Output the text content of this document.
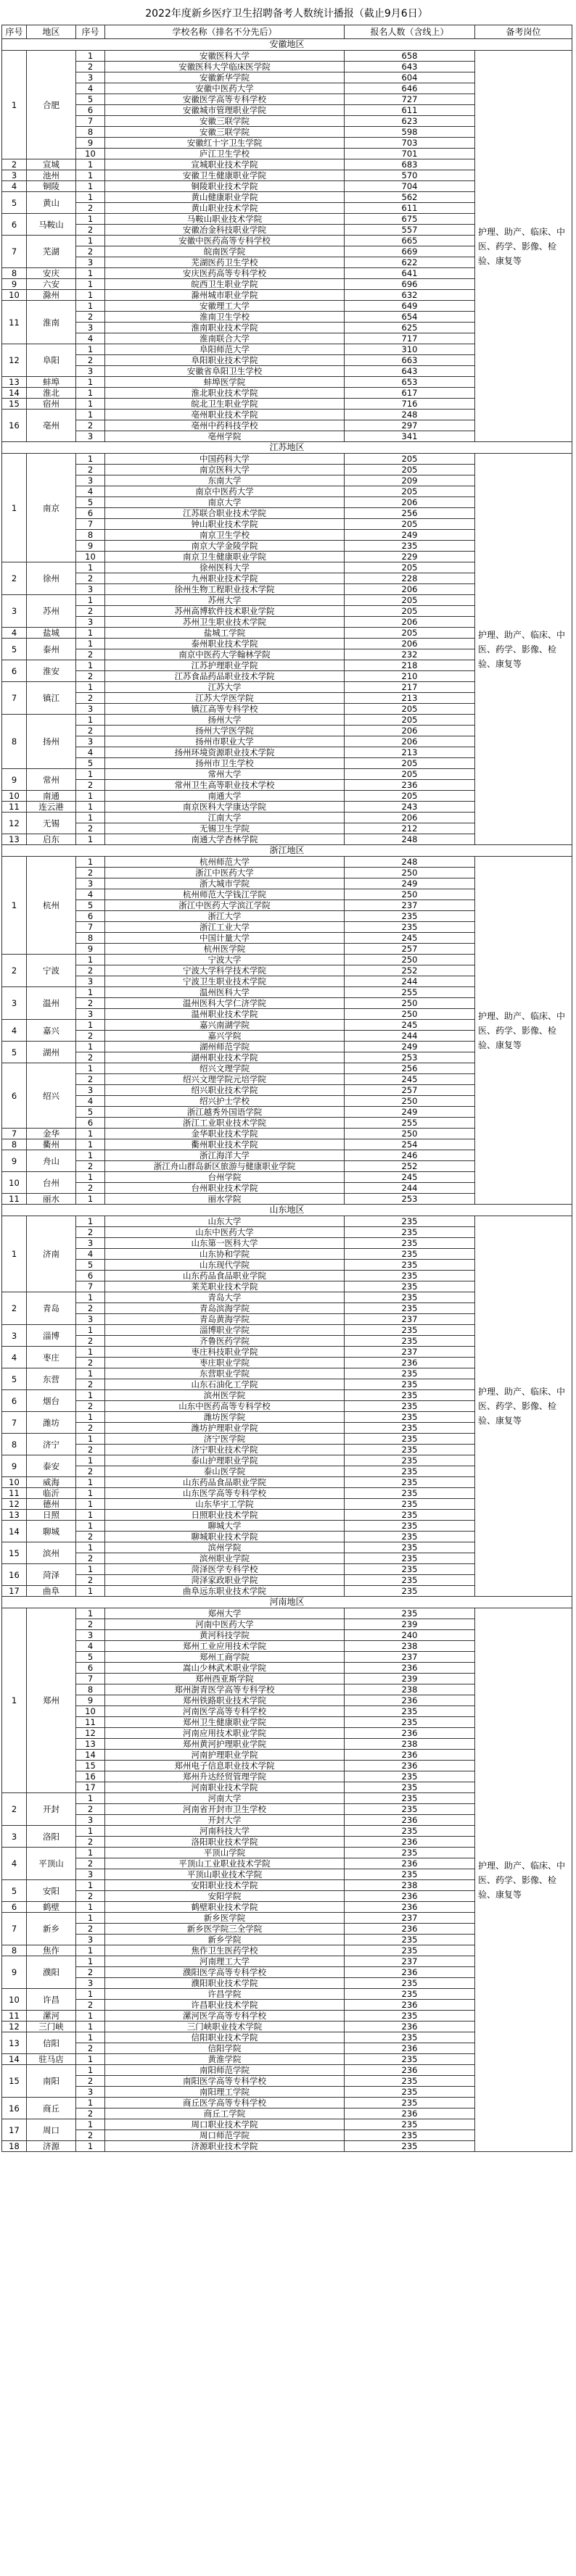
2022年度新乡医疗卫生招聘备考人数统计播报（截止9月6日）
序号	地区	序号	学校名称（排名不分先后）	报名人数（含线上）	备考岗位
安徽地区					
1	合肥	1	安徽医科大学	658	护理、助产、临床、中医、药学、影像、检验、康复等
		2	安徽医科大学临床医学院	643	
		3	安徽新华学院	604	
		4	安徽中医药大学	646	
		5	安徽医学高等专科学校	727	
		6	安徽城市管理职业学院	611	
		7	安徽三联学院	623	
		8	安徽三联学院	598	
		9	安徽红十字卫生学院	703	
		10	庐江卫生学校	701	
2	宣城	1	宣城职业技术学院	683	
3	池州	1	安徽卫生健康职业学院	570	
4	铜陵	1	铜陵职业技术学院	704	
5	黄山	1	黄山健康职业学院	562	
		2	黄山职业技术学院	611	
6	马鞍山	1	马鞍山职业技术学院	675	
		2	安徽冶金科技职业学院	557	
7	芜湖	1	安徽中医药高等专科学校	665	
		2	皖南医学院	669	
		3	芜湖医药卫生学校	622	
8	安庆	1	安庆医药高等专科学校	641	
9	六安	1	皖西卫生职业学院	696	
10	滁州	1	滁州城市职业学院	632	
11	淮南	1	安徽理工大学	649	
		2	淮南卫生学校	654	
		3	淮南职业技术学院	625	
		4	淮南联合大学	717	
12	阜阳	1	阜阳师范大学	310	
		2	阜阳职业技术学院	663	
		3	安徽省阜阳卫生学校	643	
13	蚌埠	1	蚌埠医学院	653	
14	淮北	1	淮北职业技术学院	617	
15	宿州	1	皖北卫生职业学院	716	
16	亳州	1	亳州职业技术学院	248	
		2	亳州中药科技学校	297	
		3	亳州学院	341	
江苏地区					
1	南京	1	中国药科大学	205	护理、助产、临床、中医、药学、影像、检验、康复等
		2	南京医科大学	205	
		3	东南大学	209	
		4	南京中医药大学	205	
		5	南京大学	206	
		6	江苏联合职业技术学院	256	
		7	钟山职业技术学院	205	
		8	南京卫生学校	249	
		9	南京大学金陵学院	235	
		10	南京卫生健康职业学院	229	
2	徐州	1	徐州医科大学	205	
		2	九州职业技术学院	228	
		3	徐州生物工程职业技术学院	206	
3	苏州	1	苏州大学	205	
		2	苏州高博软件技术职业学院	205	
		3	苏州卫生职业技术学院	206	
4	盐城	1	盐城工学院	205	
5	泰州	1	泰州职业技术学院	206	
		2	南京中医药大学翰林学院	232	
6	淮安	1	江苏护理职业学院	218	
		2	江苏食品药品职业技术学院	210	
7	镇江	1	江苏大学	217	
		2	江苏大学医学院	213	
		3	镇江高等专科学校	205	
8	扬州	1	扬州大学	205	
		2	扬州大学医学院	206	
		3	扬州市职业大学	206	
		4	扬州环境资源职业技术学院	213	
		5	扬州市卫生学校	205	
9	常州	1	常州大学	205	
		2	常州卫生高等职业技术学校	236	
10	南通	1	南通大学	205	
11	连云港	1	南京医科大学康达学院	243	
12	无锡	1	江南大学	206	
		2	无锡卫生学院	212	
13	启东	1	南通大学杏林学院	248	
浙江地区					
1	杭州	1	杭州师范大学	248	护理、助产、临床、中医、药学、影像、检验、康复等
		2	浙江中医药大学	250	
		3	浙大城市学院	249	
		4	杭州师范大学钱江学院	250	
		5	浙江中医药大学滨江学院	237	
		6	浙江大学	235	
		7	浙江工业大学	235	
		8	中国计量大学	245	
		9	杭州医学院	257	
2	宁波	1	宁波大学	250	
		2	宁波大学科学技术学院	252	
		3	宁波卫生职业技术学院	244	
3	温州	1	温州医科大学	255	
		2	温州医科大学仁济学院	250	
		3	温州职业技术学院	250	
4	嘉兴	1	嘉兴南湖学院	245	
		2	嘉兴学院	244	
5	湖州	1	湖州师范学院	249	
		2	湖州职业技术学院	253	
6	绍兴	1	绍兴文理学院	256	
		2	绍兴文理学院元培学院	245	
		3	绍兴职业技术学院	257	
		4	绍兴护士学校	250	
		5	浙江越秀外国语学院	249	
		6	浙江工业职业技术学院	255	
7	金华	1	金华职业技术学院	250	
8	衢州	1	衢州职业技术学院	254	
9	舟山	1	浙江海洋大学	246	
		2	浙江舟山群岛新区旅游与健康职业学院	252	
10	台州	1	台州学院	245	
		2	台州职业技术学院	244	
11	丽水	1	丽水学院	253	
山东地区					
1	济南	1	山东大学	235	护理、助产、临床、中医、药学、影像、检验、康复等
		2	山东中医药大学	235	
		3	山东第一医科大学	235	
		4	山东协和学院	235	
		5	山东现代学院	235	
		6	山东药品食品职业学院	235	
		7	莱芜职业技术学院	235	
2	青岛	1	青岛大学	235	
		2	青岛滨海学院	235	
		3	青岛黄海学院	237	
3	淄博	1	淄博职业学院	235	
		2	齐鲁医药学院	235	
4	枣庄	1	枣庄科技职业学院	237	
		2	枣庄职业学院	236	
5	东营	1	东营职业学院	235	
		2	山东石油化工学院	235	
6	烟台	1	滨州医学院	235	
		2	山东中医药高等专科学校	235	
7	潍坊	1	潍坊医学院	235	
		2	潍坊护理职业学院	235	
8	济宁	1	济宁医学院	235	
		2	济宁职业技术学院	235	
9	泰安	1	泰山护理职业学院	235	
		2	泰山医学院	235	
10	威海	1	山东药品食品职业学院	235	
11	临沂	1	山东医学高等专科学校	235	
12	德州	1	山东华宇工学院	235	
13	日照	1	日照职业技术学院	235	
14	聊城	1	聊城大学	235	
		2	聊城职业技术学院	235	
15	滨州	1	滨州学院	235	
		2	滨州职业学院	235	
16	菏泽	1	菏泽医学专科学校	235	
		2	菏泽家政职业学院	235	
17	曲阜	1	曲阜远东职业技术学院	235	
河南地区					
1	郑州	1	郑州大学	235	护理、助产、临床、中医、药学、影像、检验、康复等
		2	河南中医药大学	239	
		3	黄河科技学院	240	
		4	郑州工业应用技术学院	238	
		5	郑州工商学院	237	
		6	嵩山少林武术职业学院	236	
		7	郑州西亚斯学院	239	
		8	郑州澍青医学高等专科学校	238	
		9	郑州铁路职业技术学院	236	
		10	河南医学高等专科学校	235	
		11	郑州卫生健康职业学院	235	
		12	河南应用技术职业学院	236	
		13	郑州黄河护理职业学院	238	
		14	河南护理职业学院	236	
		15	郑州电子信息职业技术学院	236	
		16	郑州升达经贸管理学院	235	
		17	河南职业技术学院	235	
2	开封	1	河南大学	235	
		2	河南省开封市卫生学校	235	
		3	开封大学	236	
3	洛阳	1	河南科技大学	235	
		2	洛阳职业技术学院	236	
4	平顶山	1	平顶山学院	235	
		2	平顶山工业职业技术学院	236	
		3	平顶山职业技术学院	235	
5	安阳	1	安阳职业技术学院	238	
		2	安阳学院	236	
6	鹤壁	1	鹤壁职业技术学院	236	
7	新乡	1	新乡医学院	237	
		2	新乡医学院三全学院	236	
		3	新乡学院	235	
8	焦作	1	焦作卫生医药学校	235	
9	濮阳	1	河南理工大学	237	
		2	濮阳医学高等专科学校	236	
		3	濮阳职业技术学院	235	
10	许昌	1	许昌学院	235	
		2	许昌职业技术学院	236	
11	漯河	1	漯河医学高等专科学校	235	
12	三门峡	1	三门峡职业技术学院	236	
13	信阳	1	信阳职业技术学院	235	
		2	信阳学院	236	
14	驻马店	1	黄淮学院	235	
15	南阳	1	南阳师范学院	236	
		2	南阳医学高等专科学校	235	
		3	南阳理工学院	235	
16	商丘	1	商丘医学高等专科学校	235	
		2	商丘工学院	236	
17	周口	1	周口职业技术学院	235	
		2	周口师范学院	235	
18	济源	1	济源职业技术学院	235	
